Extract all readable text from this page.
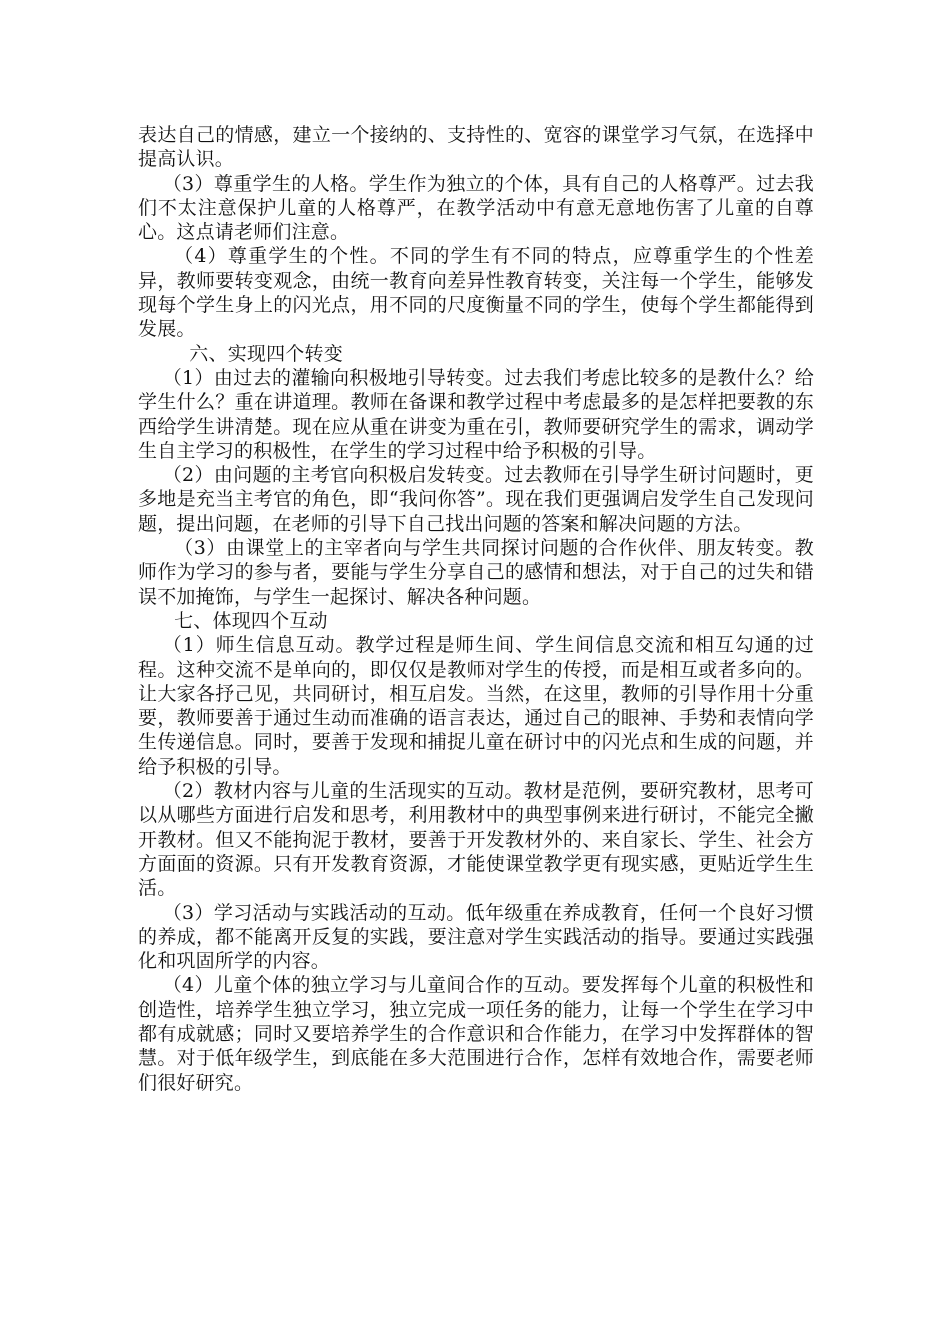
表达自己的情感，建立一个接纳的、支持性的、宽容的课堂学习气氛，在选择中提高认识。

（3）尊重学生的人格。学生作为独立的个体，具有自己的人格尊严。过去我们不太注意保护儿童的人格尊严，在教学活动中有意无意地伤害了儿童的自尊心。这点请老师们注意。

（4）尊重学生的个性。不同的学生有不同的特点，应尊重学生的个性差异，教师要转变观念，由统一教育向差异性教育转变，关注每一个学生，能够发现每个学生身上的闪光点，用不同的尺度衡量不同的学生，使每个学生都能得到发展。

六、实现四个转变

（1）由过去的灌输向积极地引导转变。过去我们考虑比较多的是教什么？给学生什么？重在讲道理。教师在备课和教学过程中考虑最多的是怎样把要教的东西给学生讲清楚。现在应从重在讲变为重在引，教师要研究学生的需求，调动学生自主学习的积极性，在学生的学习过程中给予积极的引导。

（2）由问题的主考官向积极启发转变。过去教师在引导学生研讨问题时，更多地是充当主考官的角色，即“我问你答”。现在我们更强调启发学生自己发现问题，提出问题，在老师的引导下自己找出问题的答案和解决问题的方法。

（3）由课堂上的主宰者向与学生共同探讨问题的合作伙伴、朋友转变。教师作为学习的参与者，要能与学生分享自己的感情和想法，对于自己的过失和错误不加掩饰，与学生一起探讨、解决各种问题。

七、体现四个互动

（1）师生信息互动。教学过程是师生间、学生间信息交流和相互勾通的过程。这种交流不是单向的，即仅仅是教师对学生的传授，而是相互或者多向的。让大家各抒己见，共同研讨，相互启发。当然，在这里，教师的引导作用十分重要，教师要善于通过生动而准确的语言表达，通过自己的眼神、手势和表情向学生传递信息。同时，要善于发现和捕捉儿童在研讨中的闪光点和生成的问题，并给予积极的引导。

（2）教材内容与儿童的生活现实的互动。教材是范例，要研究教材，思考可以从哪些方面进行启发和思考，利用教材中的典型事例来进行研讨，不能完全撇开教材。但又不能拘泥于教材，要善于开发教材外的、来自家长、学生、社会方方面面的资源。只有开发教育资源，才能使课堂教学更有现实感，更贴近学生生活。

（3）学习活动与实践活动的互动。低年级重在养成教育，任何一个良好习惯的养成，都不能离开反复的实践，要注意对学生实践活动的指导。要通过实践强化和巩固所学的内容。

（4）儿童个体的独立学习与儿童间合作的互动。要发挥每个儿童的积极性和创造性，培养学生独立学习，独立完成一项任务的能力，让每一个学生在学习中都有成就感；同时又要培养学生的合作意识和合作能力，在学习中发挥群体的智慧。对于低年级学生，到底能在多大范围进行合作，怎样有效地合作，需要老师们很好研究。
